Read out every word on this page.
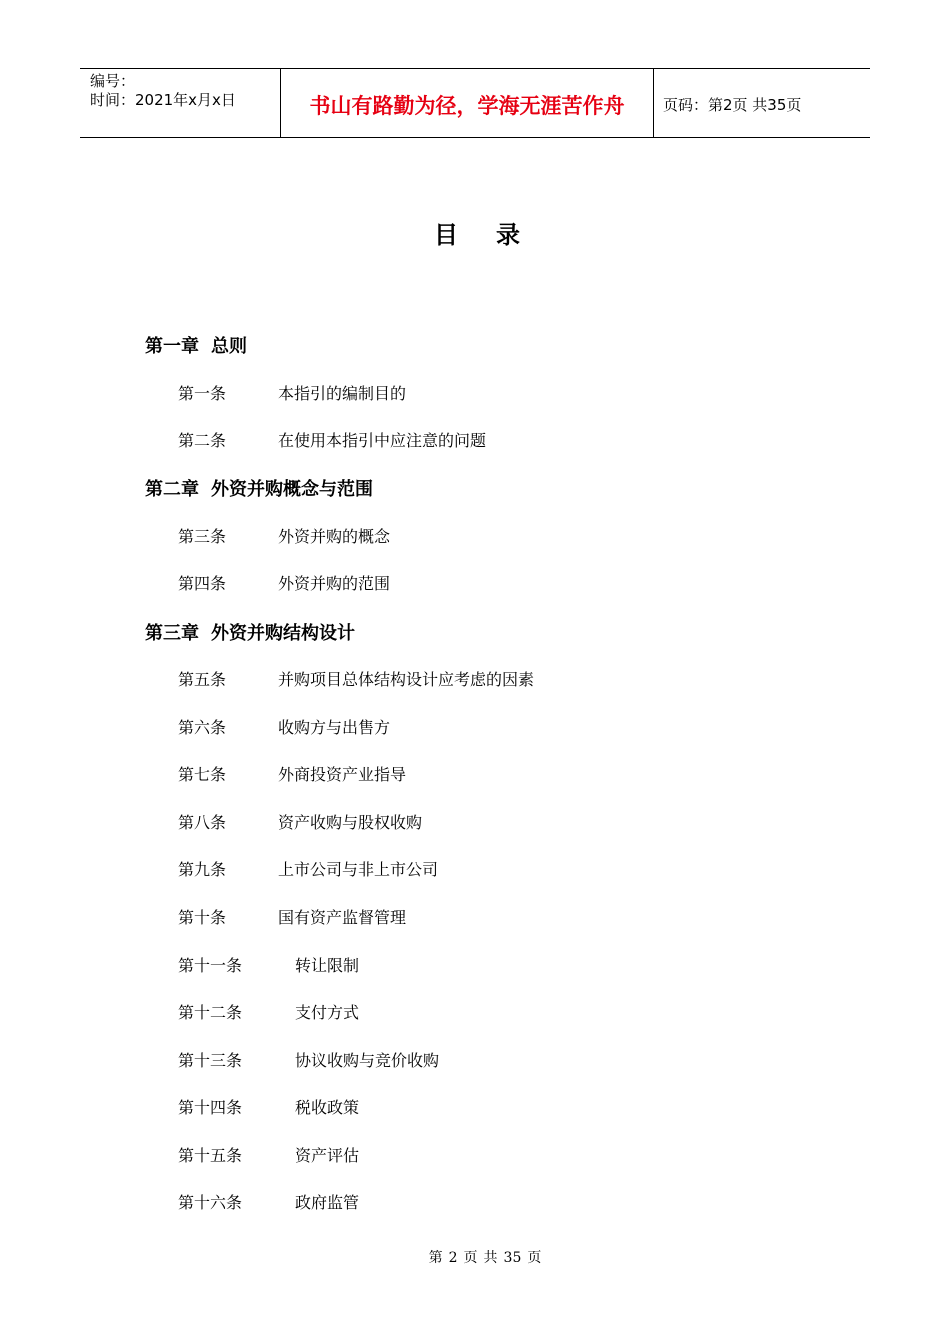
编号：
时间：2021年x月x日	书山有路勤为径，学海无涯苦作舟	页码：第2页 共35页
目录
第一章 总则
第一条	本指引的编制目的
第二条	在使用本指引中应注意的问题
第二章 外资并购概念与范围
第三条	外资并购的概念
第四条	外资并购的范围
第三章 外资并购结构设计
第五条	并购项目总体结构设计应考虑的因素
第六条	收购方与出售方
第七条	外商投资产业指导
第八条	资产收购与股权收购
第九条	上市公司与非上市公司
第十条	国有资产监督管理
第十一条	转让限制
第十二条	支付方式
第十三条	协议收购与竞价收购
第十四条	税收政策
第十五条	资产评估
第十六条	政府监管
第 2 页 共 35 页
